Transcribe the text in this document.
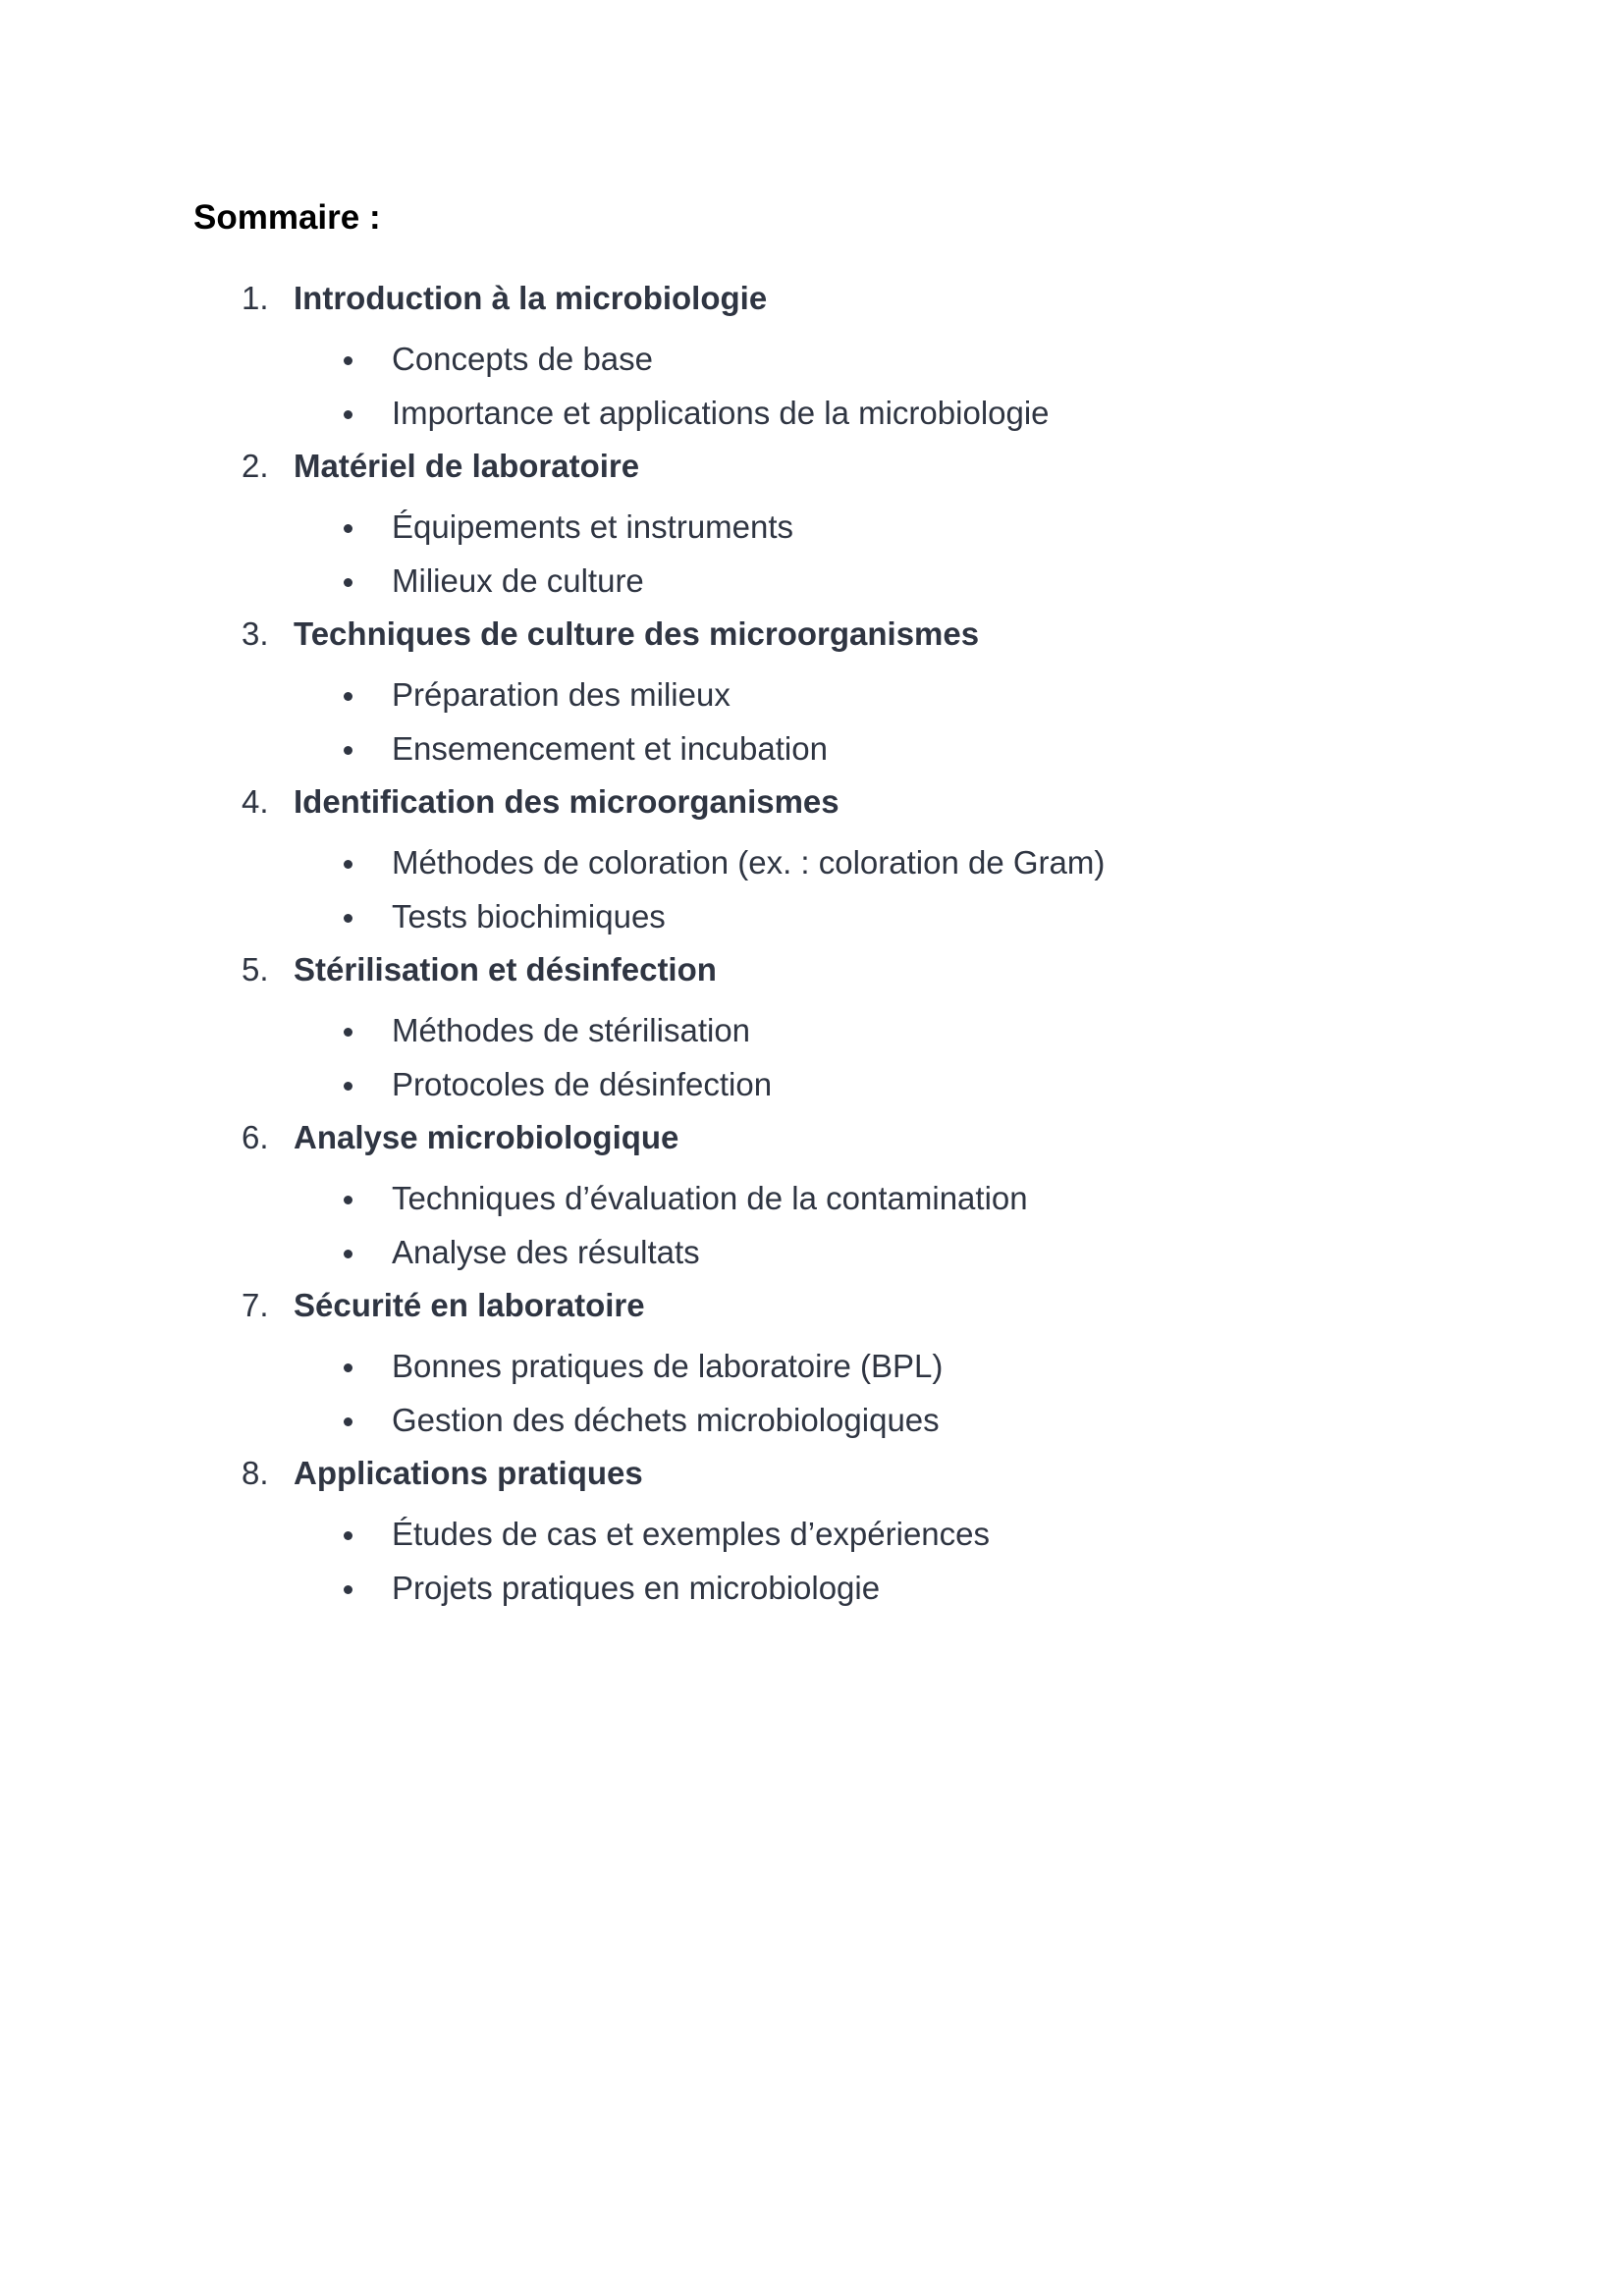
Sommaire :
1. Introduction à la microbiologie
Concepts de base
Importance et applications de la microbiologie
2. Matériel de laboratoire
Équipements et instruments
Milieux de culture
3. Techniques de culture des microorganismes
Préparation des milieux
Ensemencement et incubation
4. Identification des microorganismes
Méthodes de coloration (ex. : coloration de Gram)
Tests biochimiques
5. Stérilisation et désinfection
Méthodes de stérilisation
Protocoles de désinfection
6. Analyse microbiologique
Techniques d’évaluation de la contamination
Analyse des résultats
7. Sécurité en laboratoire
Bonnes pratiques de laboratoire (BPL)
Gestion des déchets microbiologiques
8. Applications pratiques
Études de cas et exemples d’expériences
Projets pratiques en microbiologie
